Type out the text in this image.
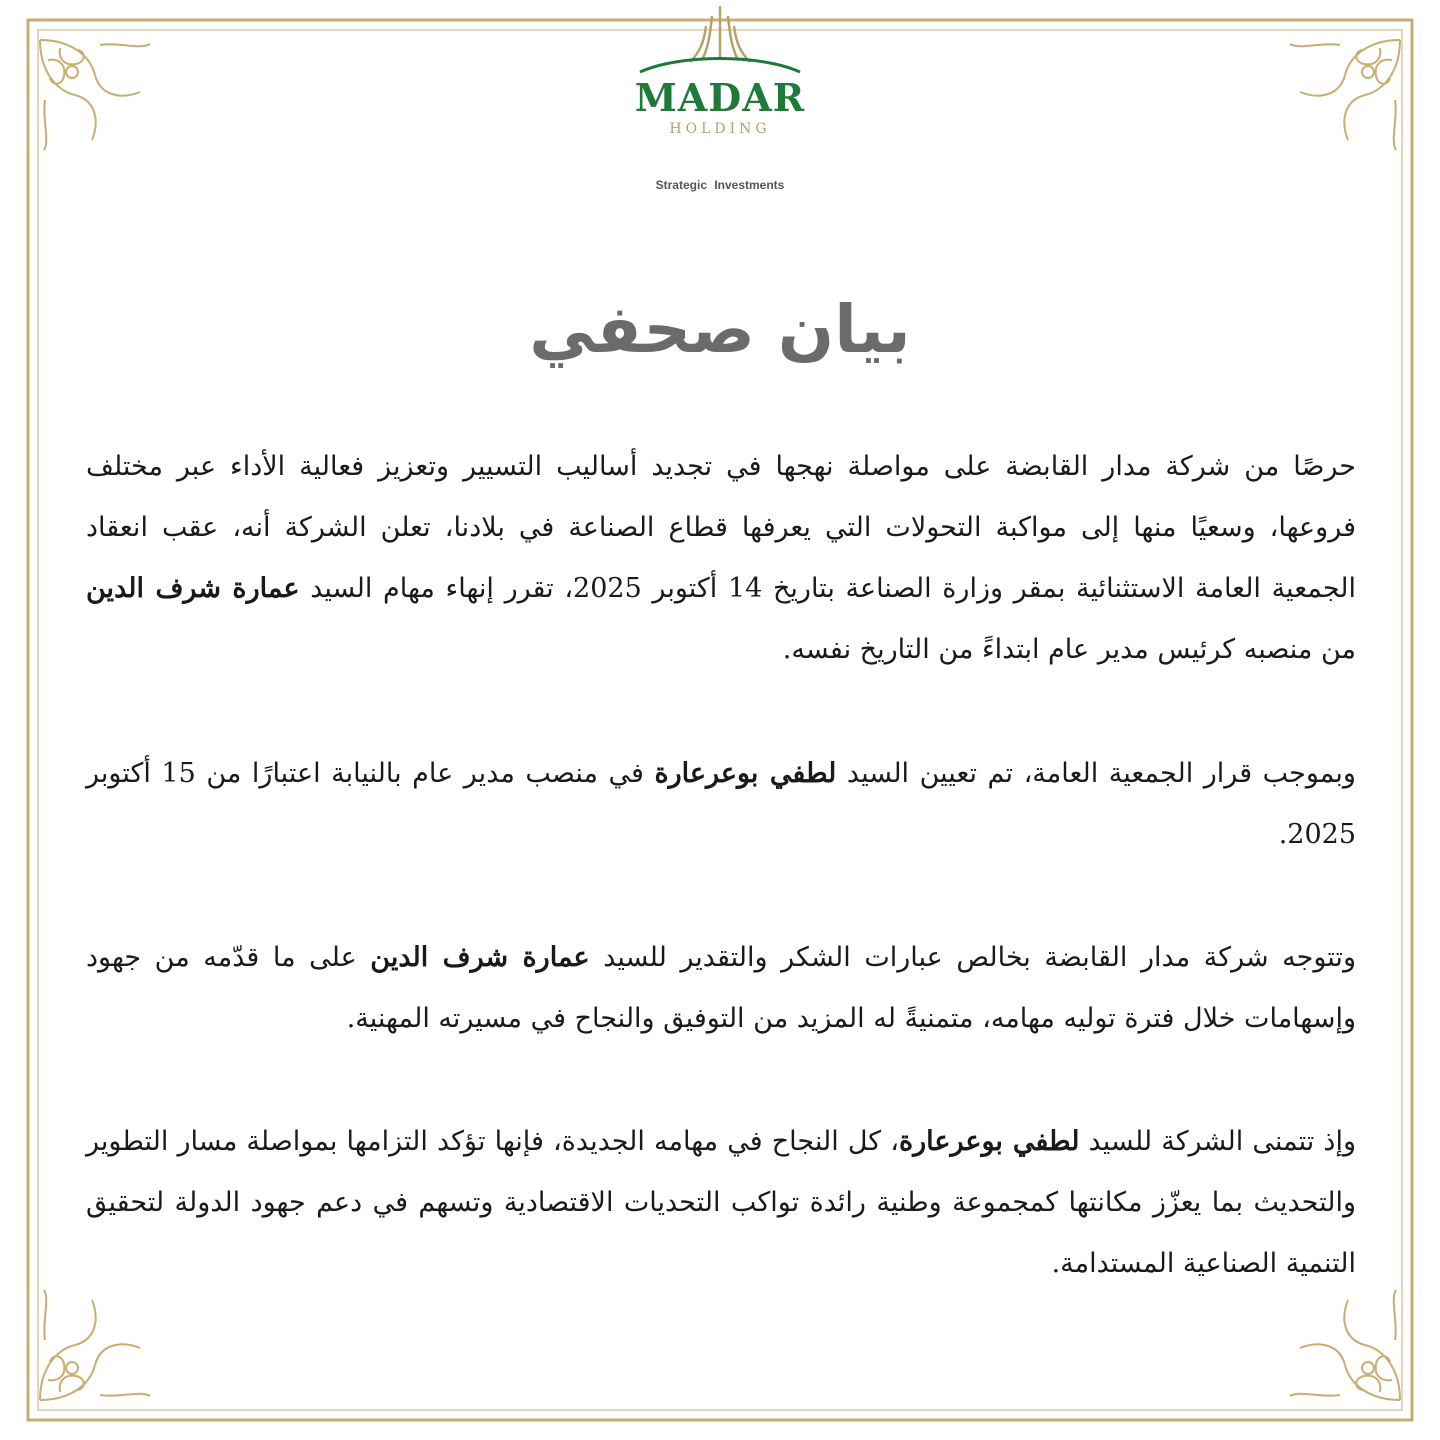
MADAR
HOLDING
Strategic Investments
بيان صحفي
حرصًا من شركة مدار القابضة على مواصلة نهجها في تجديد أساليب التسيير وتعزيز فعالية الأداء عبر مختلف فروعها، وسعيًا منها إلى مواكبة التحولات التي يعرفها قطاع الصناعة في بلادنا، تعلن الشركة أنه، عقب انعقاد الجمعية العامة الاستثنائية بمقر وزارة الصناعة بتاريخ 14 أكتوبر 2025، تقرر إنهاء مهام السيد عمارة شرف الدين من منصبه كرئيس مدير عام ابتداءً من التاريخ نفسه.
وبموجب قرار الجمعية العامة، تم تعيين السيد لطفي بوعرعارة في منصب مدير عام بالنيابة اعتبارًا من 15 أكتوبر 2025.
وتتوجه شركة مدار القابضة بخالص عبارات الشكر والتقدير للسيد عمارة شرف الدين على ما قدّمه من جهود وإسهامات خلال فترة توليه مهامه، متمنيةً له المزيد من التوفيق والنجاح في مسيرته المهنية.
وإذ تتمنى الشركة للسيد لطفي بوعرعارة، كل النجاح في مهامه الجديدة، فإنها تؤكد التزامها بمواصلة مسار التطوير والتحديث بما يعزّز مكانتها كمجموعة وطنية رائدة تواكب التحديات الاقتصادية وتسهم في دعم جهود الدولة لتحقيق التنمية الصناعية المستدامة.
